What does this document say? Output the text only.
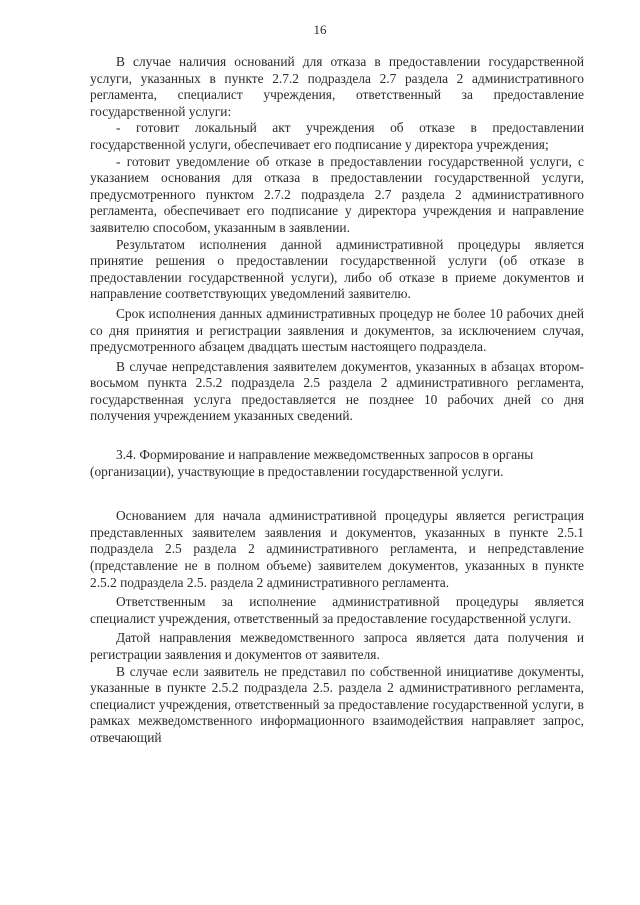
16

В случае наличия оснований для отказа в предоставлении государственной услуги, указанных в пункте 2.7.2 подраздела 2.7 раздела 2 административного регламента, специалист учреждения, ответственный за предоставление государственной услуги:

- готовит локальный акт учреждения об отказе в предоставлении государственной услуги, обеспечивает его подписание у директора учреждения;

- готовит уведомление об отказе в предоставлении государственной услуги, с указанием основания для отказа в предоставлении государственной услуги, предусмотренного пунктом 2.7.2 подраздела 2.7 раздела 2 административного регламента, обеспечивает его подписание у директора учреждения и направление заявителю способом, указанным в заявлении.

Результатом исполнения данной административной процедуры является принятие решения о предоставлении государственной услуги (об отказе в предоставлении государственной услуги), либо об отказе в приеме документов и направление соответствующих уведомлений заявителю.

Срок исполнения данных административных процедур не более 10 рабочих дней со дня принятия и регистрации заявления и документов, за исключением случая, предусмотренного абзацем двадцать шестым настоящего подраздела.

В случае непредставления заявителем документов, указанных в абзацах втором-восьмом пункта 2.5.2 подраздела 2.5 раздела 2 административного регламента, государственная услуга предоставляется не позднее 10 рабочих дней со дня получения учреждением указанных сведений.

3.4. Формирование и направление межведомственных запросов в органы (организации), участвующие в предоставлении государственной услуги.

Основанием для начала административной процедуры является регистрация представленных заявителем заявления и документов, указанных в пункте 2.5.1 подраздела 2.5 раздела 2 административного регламента, и непредставление (представление не в полном объеме) заявителем документов, указанных в пункте 2.5.2 подраздела 2.5. раздела 2 административного регламента.

Ответственным за исполнение административной процедуры является специалист учреждения, ответственный за предоставление государственной услуги.

Датой направления межведомственного запроса является дата получения и регистрации заявления и документов от заявителя.

В случае если заявитель не представил по собственной инициативе документы, указанные в пункте 2.5.2 подраздела 2.5. раздела 2 административного регламента, специалист учреждения, ответственный за предоставление государственной услуги, в рамках межведомственного информационного взаимодействия направляет запрос, отвечающий
